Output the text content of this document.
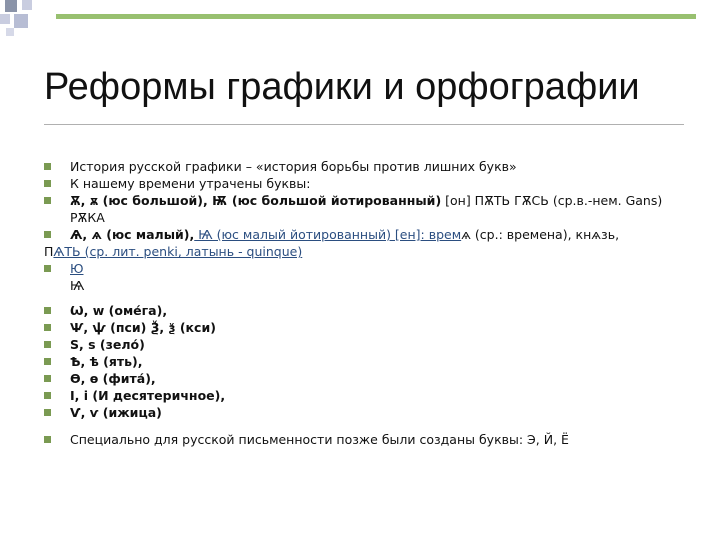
Реформы графики и орфографии
История русской графики – «история борьбы против лишних букв»
К нашему времени утрачены буквы:
Ѫ, ѫ (юс большой), Ѭ (юс большой йотированный) [он] ПѪТЬ ГѪСЬ (ср.в.-нем. Gans)
РѪКА
Ѧ, ѧ (юс малый), Ѩ (юс малый йотированный) [ен]: времѧ (ср.: времена), кнѧзь,
ПѦТЬ (ср. лит. penki, латынь - quinque)
Ю
Ѩ
Ѡ, w (оме́га),
Ѱ, ѱ (пси) Ѯ, ѯ (кси)
Ѕ, ѕ (зело́)
Ѣ, ѣ (ять),
Ѳ, ѳ (фита́),
І, і (И десятеричное),
Ѵ, ѵ (ижица)
Специально для русской письменности позже были созданы буквы: Э, Й, Ё
